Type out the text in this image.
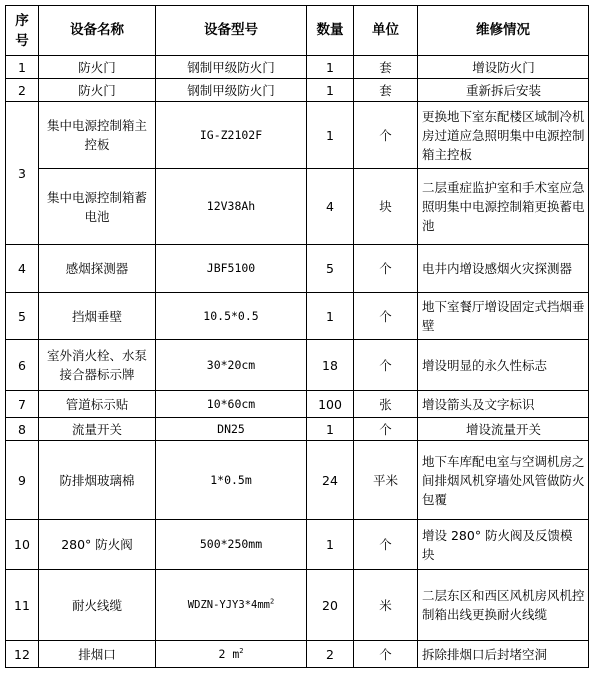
序号	设备名称	设备型号	数量	单位	维修情况
1	防火门	钢制甲级防火门	1	套	增设防火门
2	防火门	钢制甲级防火门	1	套	重新拆后安装
3	集中电源控制箱主控板	IG-Z2102F	1	个	更换地下室东配楼区域制冷机房过道应急照明集中电源控制箱主控板
	集中电源控制箱蓄电池	12V38Ah	4	块	二层重症监护室和手术室应急照明集中电源控制箱更换蓄电池
4	感烟探测器	JBF5100	5	个	电井内增设感烟火灾探测器
5	挡烟垂壁	10.5*0.5	1	个	地下室餐厅增设固定式挡烟垂壁
6	室外消火栓、水泵接合器标示牌	30*20cm	18	个	增设明显的永久性标志
7	管道标示贴	10*60cm	100	张	增设箭头及文字标识
8	流量开关	DN25	1	个	增设流量开关
9	防排烟玻璃棉	1*0.5m	24	平米	地下车库配电室与空调机房之间排烟风机穿墙处风管做防火包覆
10	280° 防火阀	500*250mm	1	个	增设 280° 防火阀及反馈模块
11	耐火线缆	WDZN-$YJY3*4mm^2$	20	米	二层东区和西区风机房风机控制箱出线更换耐火线缆
12	排烟口	2 $m^2$	2	个	拆除排烟口后封堵空洞
